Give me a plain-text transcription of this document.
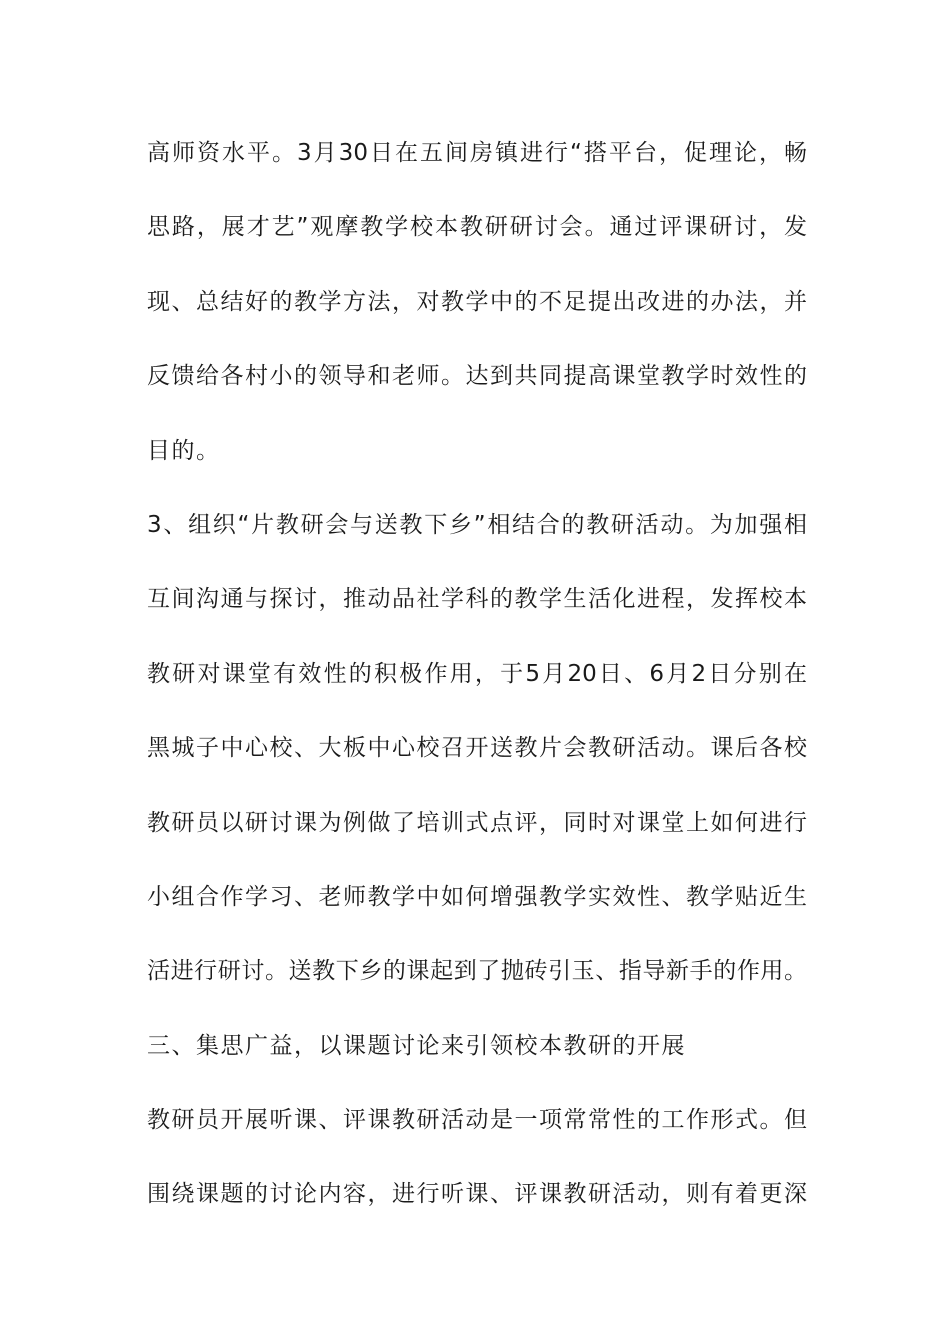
高师资水平。3月30日在五间房镇进行“搭平台，促理论，畅
思路，展才艺”观摩教学校本教研研讨会。通过评课研讨，发
现、总结好的教学方法，对教学中的不足提出改进的办法，并
反馈给各村小的领导和老师。达到共同提高课堂教学时效性的
目的。
3、组织“片教研会与送教下乡”相结合的教研活动。为加强相
互间沟通与探讨，推动品社学科的教学生活化进程，发挥校本
教研对课堂有效性的积极作用，于5月20日、6月2日分别在
黑城子中心校、大板中心校召开送教片会教研活动。课后各校
教研员以研讨课为例做了培训式点评，同时对课堂上如何进行
小组合作学习、老师教学中如何增强教学实效性、教学贴近生
活进行研讨。送教下乡的课起到了抛砖引玉、指导新手的作用。
三、集思广益，以课题讨论来引领校本教研的开展
教研员开展听课、评课教研活动是一项常常性的工作形式。但
围绕课题的讨论内容，进行听课、评课教研活动，则有着更深
